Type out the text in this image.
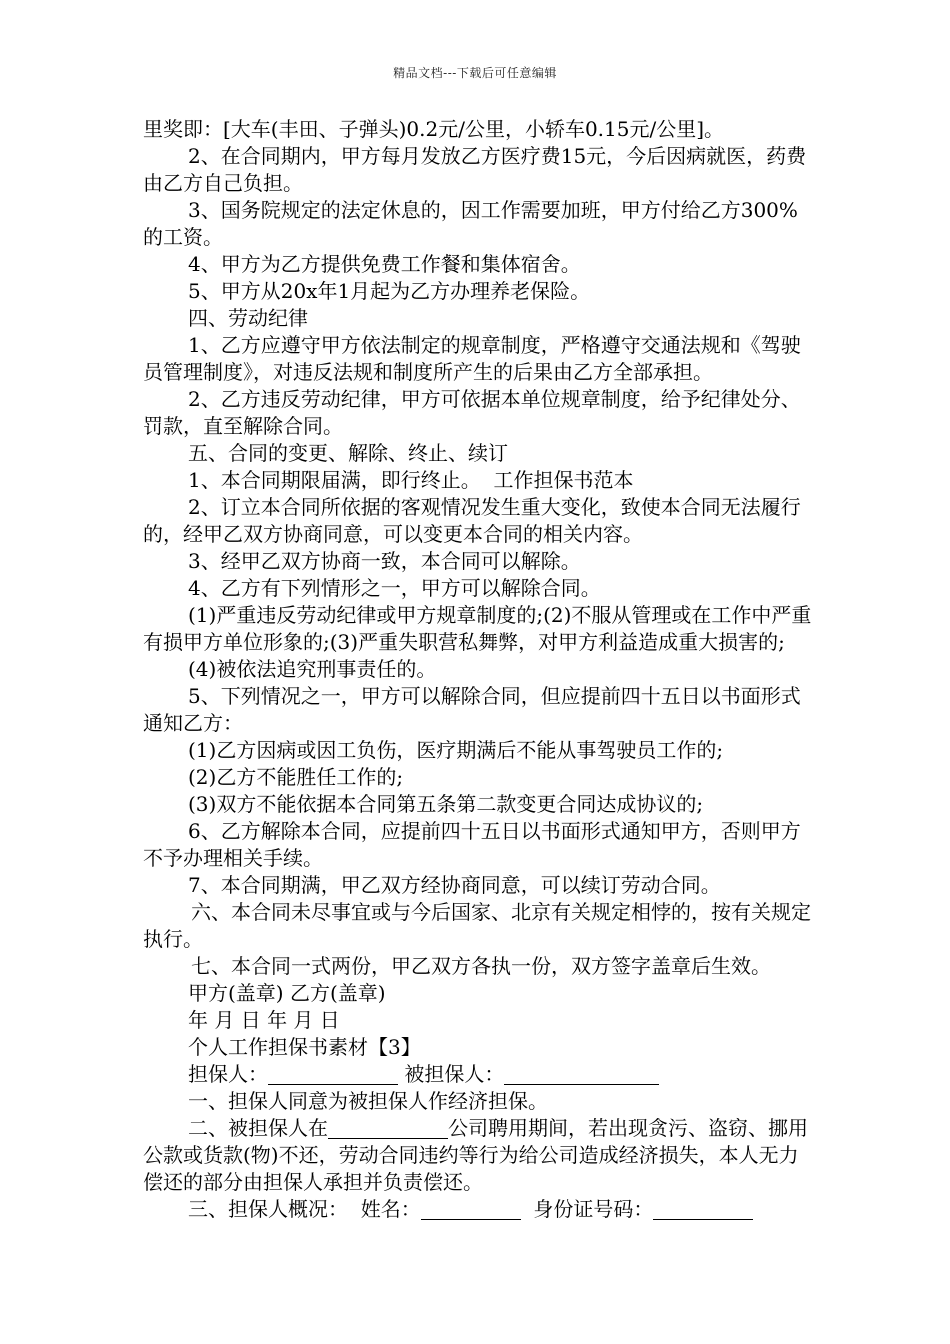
精品文档---下载后可任意编辑

里奖即：[大车(丰田、子弹头)0.2元/公里，小轿车0.15元/公里]。

2、在合同期内，甲方每月发放乙方医疗费15元，今后因病就医，药费由乙方自己负担。

3、国务院规定的法定休息的，因工作需要加班，甲方付给乙方300%的工资。

4、甲方为乙方提供免费工作餐和集体宿舍。

5、甲方从20x年1月起为乙方办理养老保险。

四、劳动纪律

1、乙方应遵守甲方依法制定的规章制度，严格遵守交通法规和《驾驶员管理制度》，对违反法规和制度所产生的后果由乙方全部承担。

2、乙方违反劳动纪律，甲方可依据本单位规章制度，给予纪律处分、罚款，直至解除合同。

五、合同的变更、解除、终止、续订

1、本合同期限届满，即行终止。  工作担保书范本

2、订立本合同所依据的客观情况发生重大变化，致使本合同无法履行的，经甲乙双方协商同意，可以变更本合同的相关内容。

3、经甲乙双方协商一致，本合同可以解除。

4、乙方有下列情形之一，甲方可以解除合同。

(1)严重违反劳动纪律或甲方规章制度的;(2)不服从管理或在工作中严重有损甲方单位形象的;(3)严重失职营私舞弊，对甲方利益造成重大损害的;

(4)被依法追究刑事责任的。

5、下列情况之一，甲方可以解除合同，但应提前四十五日以书面形式通知乙方：

(1)乙方因病或因工负伤，医疗期满后不能从事驾驶员工作的;

(2)乙方不能胜任工作的;

(3)双方不能依据本合同第五条第二款变更合同达成协议的;

6、乙方解除本合同，应提前四十五日以书面形式通知甲方，否则甲方不予办理相关手续。

7、本合同期满，甲乙双方经协商同意，可以续订劳动合同。

六、本合同未尽事宜或与今后国家、北京有关规定相悖的，按有关规定执行。

七、本合同一式两份，甲乙双方各执一份，双方签字盖章后生效。

甲方(盖章) 乙方(盖章)

年 月 日 年 月 日

个人工作担保书素材【3】

担保人：	被担保人：

一、担保人同意为被担保人作经济担保。

二、被担保人在	公司聘用期间，若出现贪污、盗窃、挪用公款或货款(物)不还，劳动合同违约等行为给公司造成经济损失，本人无力偿还的部分由担保人承担并负责偿还。

三、担保人概况：  姓名：	身份证号码：
